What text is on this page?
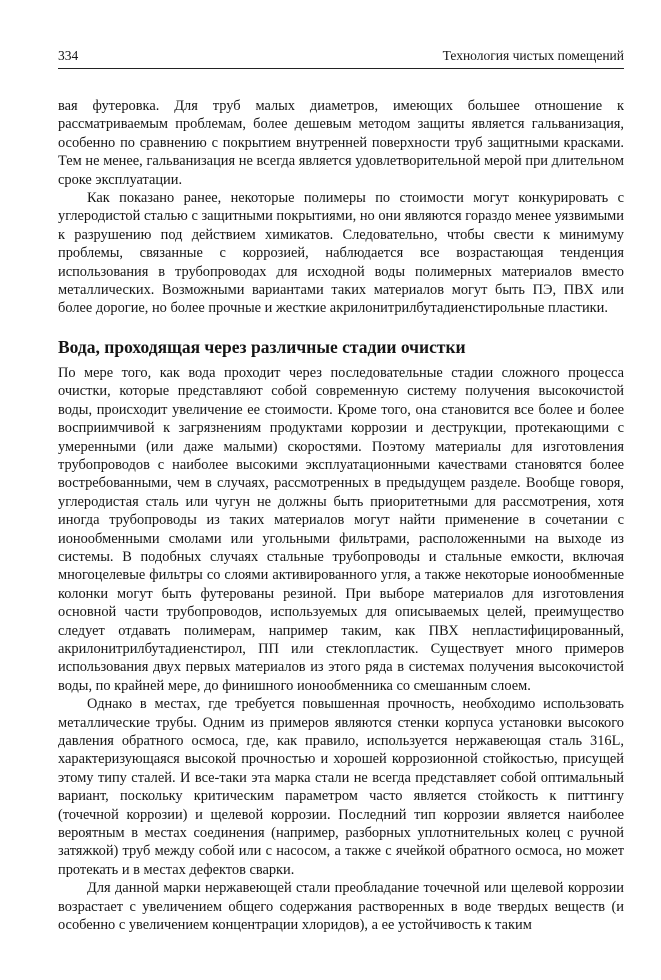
334	Технология чистых помещений

вая футеровка. Для труб малых диаметров, имеющих большее отношение к рассматриваемым проблемам, более дешевым методом защиты является гальванизация, особенно по сравнению с покрытием внутренней поверхности труб защитными красками. Тем не менее, гальванизация не всегда является удовлетворительной мерой при длительном сроке эксплуатации.

Как показано ранее, некоторые полимеры по стоимости могут конкурировать с углеродистой сталью с защитными покрытиями, но они являются гораздо менее уязвимыми к разрушению под действием химикатов. Следовательно, чтобы свести к минимуму проблемы, связанные с коррозией, наблюдается все возрастающая тенденция использования в трубопроводах для исходной воды полимерных материалов вместо металлических. Возможными вариантами таких материалов могут быть ПЭ, ПВХ или более дорогие, но более прочные и жесткие акрилонитрилбутадиенстирольные пластики.

Вода, проходящая через различные стадии очистки

По мере того, как вода проходит через последовательные стадии сложного процесса очистки, которые представляют собой современную систему получения высокочистой воды, происходит увеличение ее стоимости. Кроме того, она становится все более и более восприимчивой к загрязнениям продуктами коррозии и деструкции, протекающими с умеренными (или даже малыми) скоростями. Поэтому материалы для изготовления трубопроводов с наиболее высокими эксплуатационными качествами становятся более востребованными, чем в случаях, рассмотренных в предыдущем разделе. Вообще говоря, углеродистая сталь или чугун не должны быть приоритетными для рассмотрения, хотя иногда трубопроводы из таких материалов могут найти применение в сочетании с ионообменными смолами или угольными фильтрами, расположенными на выходе из системы. В подобных случаях стальные трубопроводы и стальные емкости, включая многоцелевые фильтры со слоями активированного угля, а также некоторые ионообменные колонки могут быть футерованы резиной. При выборе материалов для изготовления основной части трубопроводов, используемых для описываемых целей, преимущество следует отдавать полимерам, например таким, как ПВХ непластифицированный, акрилонитрилбутадиенстирол, ПП или стеклопластик. Существует много примеров использования двух первых материалов из этого ряда в системах получения высокочистой воды, по крайней мере, до финишного ионообменника со смешанным слоем.

Однако в местах, где требуется повышенная прочность, необходимо использовать металлические трубы. Одним из примеров являются стенки корпуса установки высокого давления обратного осмоса, где, как правило, используется нержавеющая сталь 316L, характеризующаяся высокой прочностью и хорошей коррозионной стойкостью, присущей этому типу сталей. И все-таки эта марка стали не всегда представляет собой оптимальный вариант, поскольку критическим параметром часто является стойкость к питтингу (точечной коррозии) и щелевой коррозии. Последний тип коррозии является наиболее вероятным в местах соединения (например, разборных уплотнительных колец с ручной затяжкой) труб между собой или с насосом, а также с ячейкой обратного осмоса, но может протекать и в местах дефектов сварки.

Для данной марки нержавеющей стали преобладание точечной или щелевой коррозии возрастает с увеличением общего содержания растворенных в воде твердых веществ (и особенно с увеличением концентрации хлоридов), а ее устойчивость к таким
